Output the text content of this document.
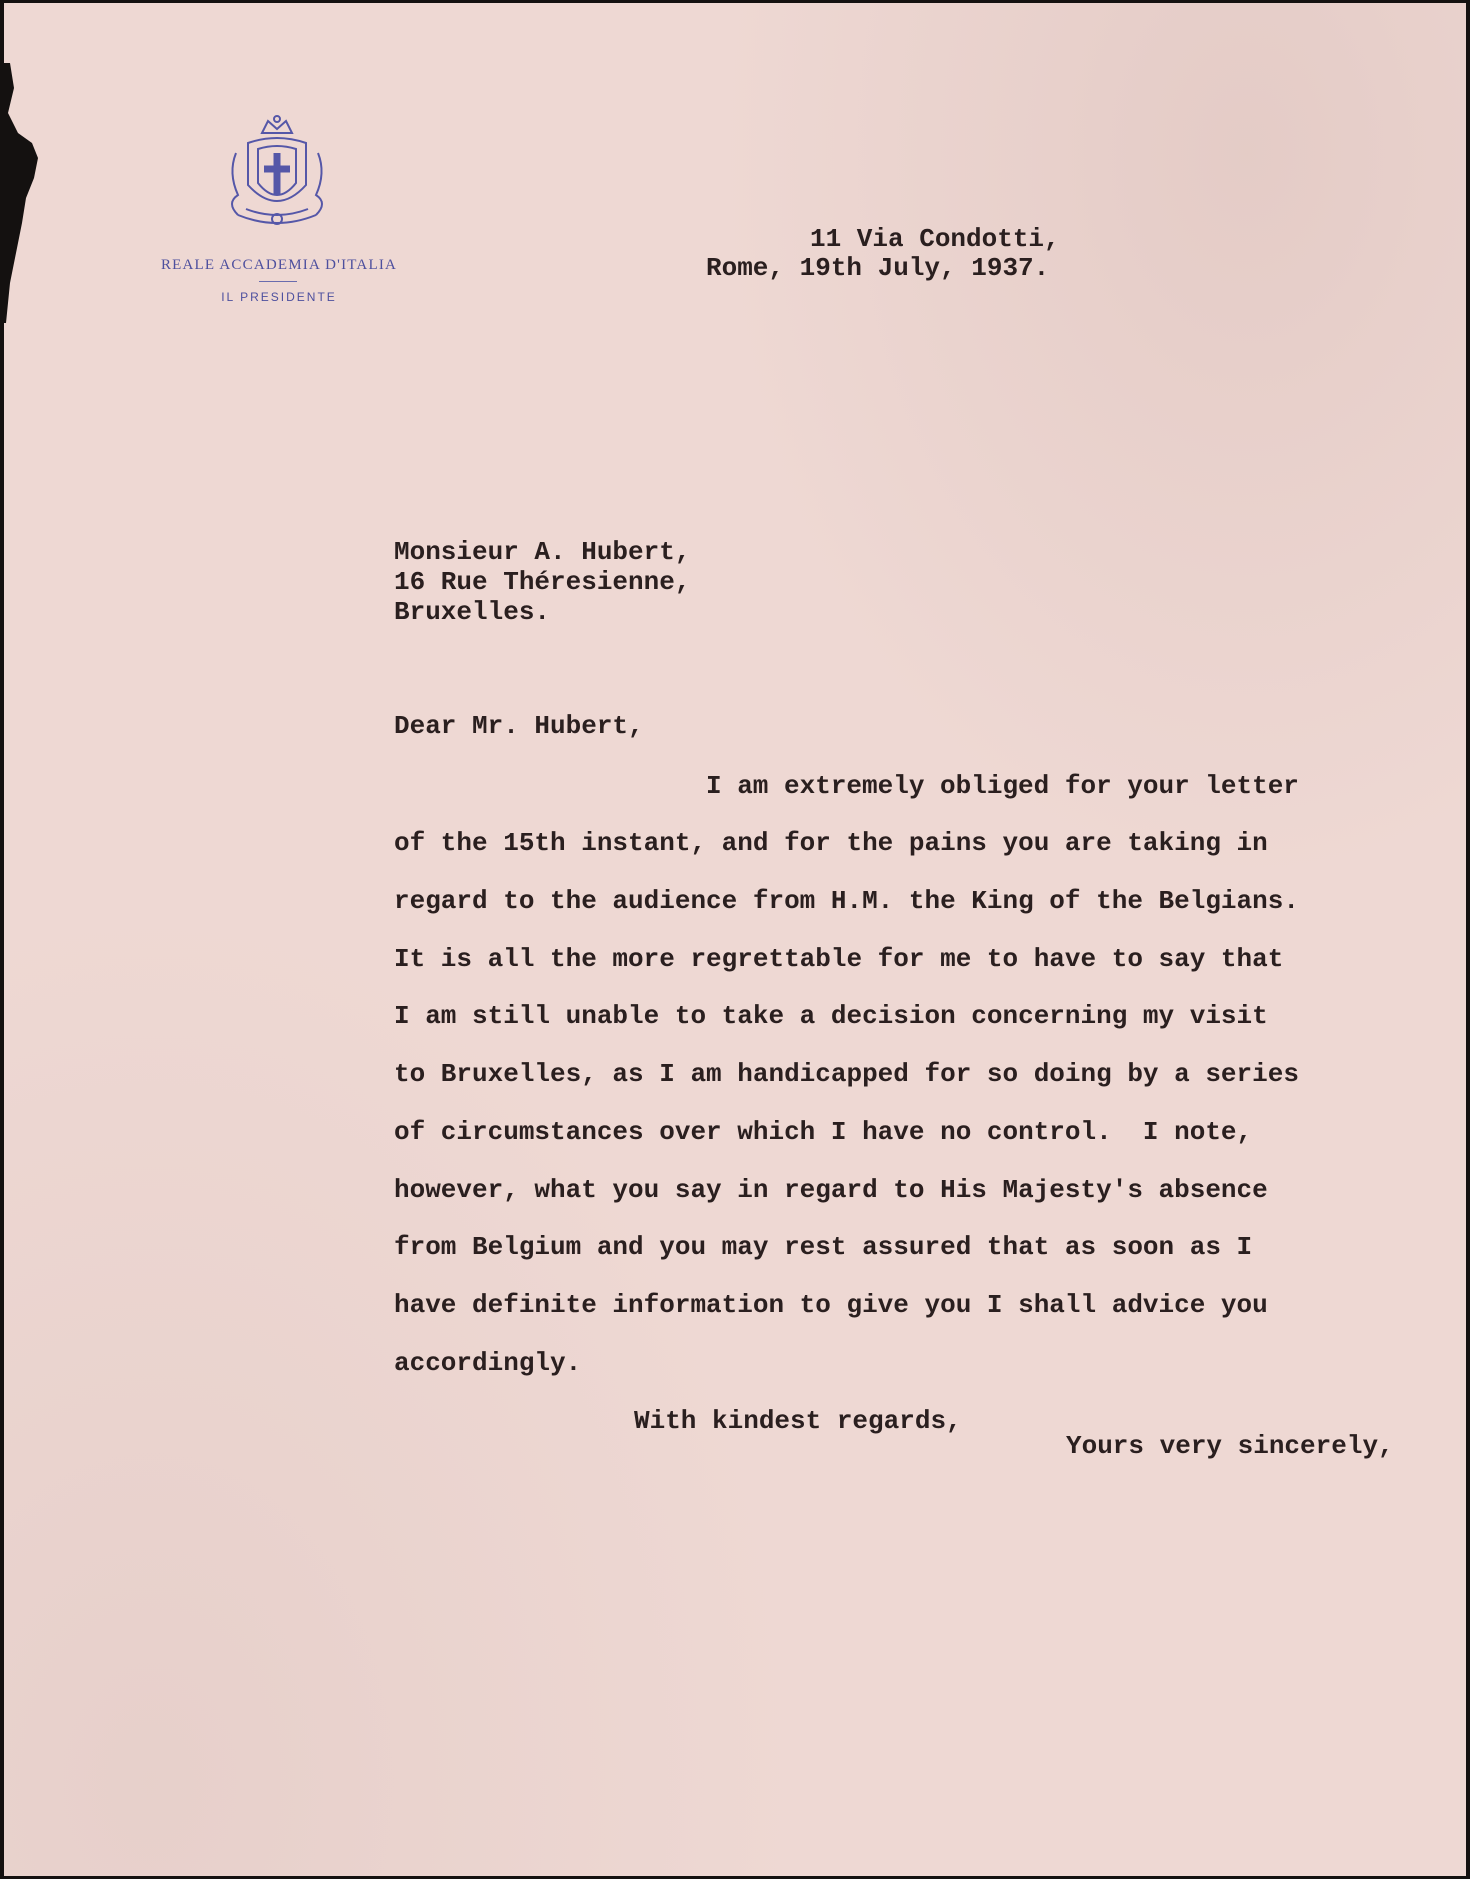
REALE ACCADEMIA D'ITALIA
IL PRESIDENTE
11 Via Condotti,
Rome, 19th July, 1937.
Monsieur A. Hubert,
16 Rue Théresienne,
Bruxelles.
Dear Mr. Hubert,
I am extremely obliged for your letter
of the 15th instant, and for the pains you are taking in
regard to the audience from H.M. the King of the Belgians.
It is all the more regrettable for me to have to say that
I am still unable to take a decision concerning my visit
to Bruxelles, as I am handicapped for so doing by a series
of circumstances over which I have no control.  I note,
however, what you say in regard to His Majesty's absence
from Belgium and you may rest assured that as soon as I
have definite information to give you I shall advice you
accordingly.
With kindest regards,
Yours very sincerely,
